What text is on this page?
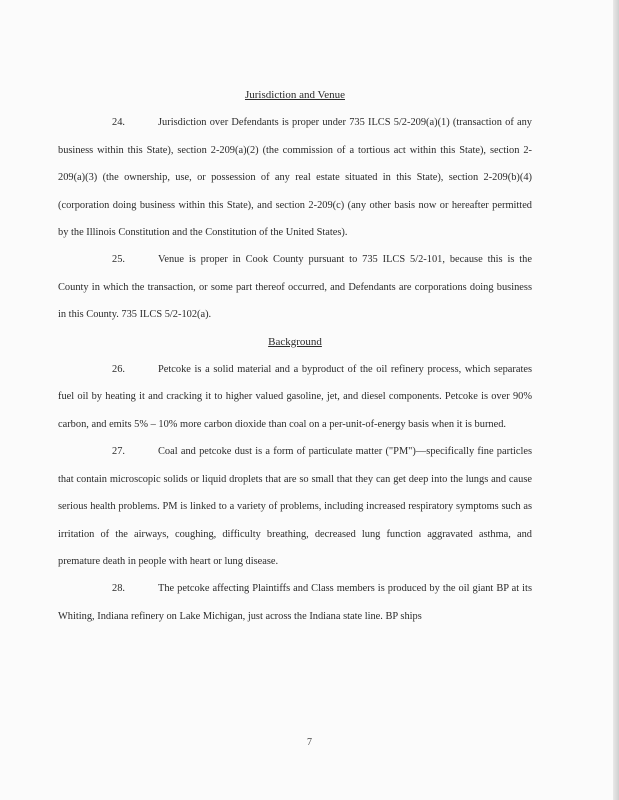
Jurisdiction and Venue

24.	Jurisdiction over Defendants is proper under 735 ILCS 5/2-209(a)(1) (transaction of any business within this State), section 2-209(a)(2) (the commission of a tortious act within this State), section 2-209(a)(3) (the ownership, use, or possession of any real estate situated in this State), section 2-209(b)(4) (corporation doing business within this State), and section 2-209(c) (any other basis now or hereafter permitted by the Illinois Constitution and the Constitution of the United States).

25.	Venue is proper in Cook County pursuant to 735 ILCS 5/2-101, because this is the County in which the transaction, or some part thereof occurred, and Defendants are corporations doing business in this County. 735 ILCS 5/2-102(a).

Background

26.	Petcoke is a solid material and a byproduct of the oil refinery process, which separates fuel oil by heating it and cracking it to higher valued gasoline, jet, and diesel components. Petcoke is over 90% carbon, and emits 5% – 10% more carbon dioxide than coal on a per-unit-of-energy basis when it is burned.

27.	Coal and petcoke dust is a form of particulate matter ("PM")—specifically fine particles that contain microscopic solids or liquid droplets that are so small that they can get deep into the lungs and cause serious health problems. PM is linked to a variety of problems, including increased respiratory symptoms such as irritation of the airways, coughing, difficulty breathing, decreased lung function aggravated asthma, and premature death in people with heart or lung disease.

28.	The petcoke affecting Plaintiffs and Class members is produced by the oil giant BP at its Whiting, Indiana refinery on Lake Michigan, just across the Indiana state line. BP ships

7
